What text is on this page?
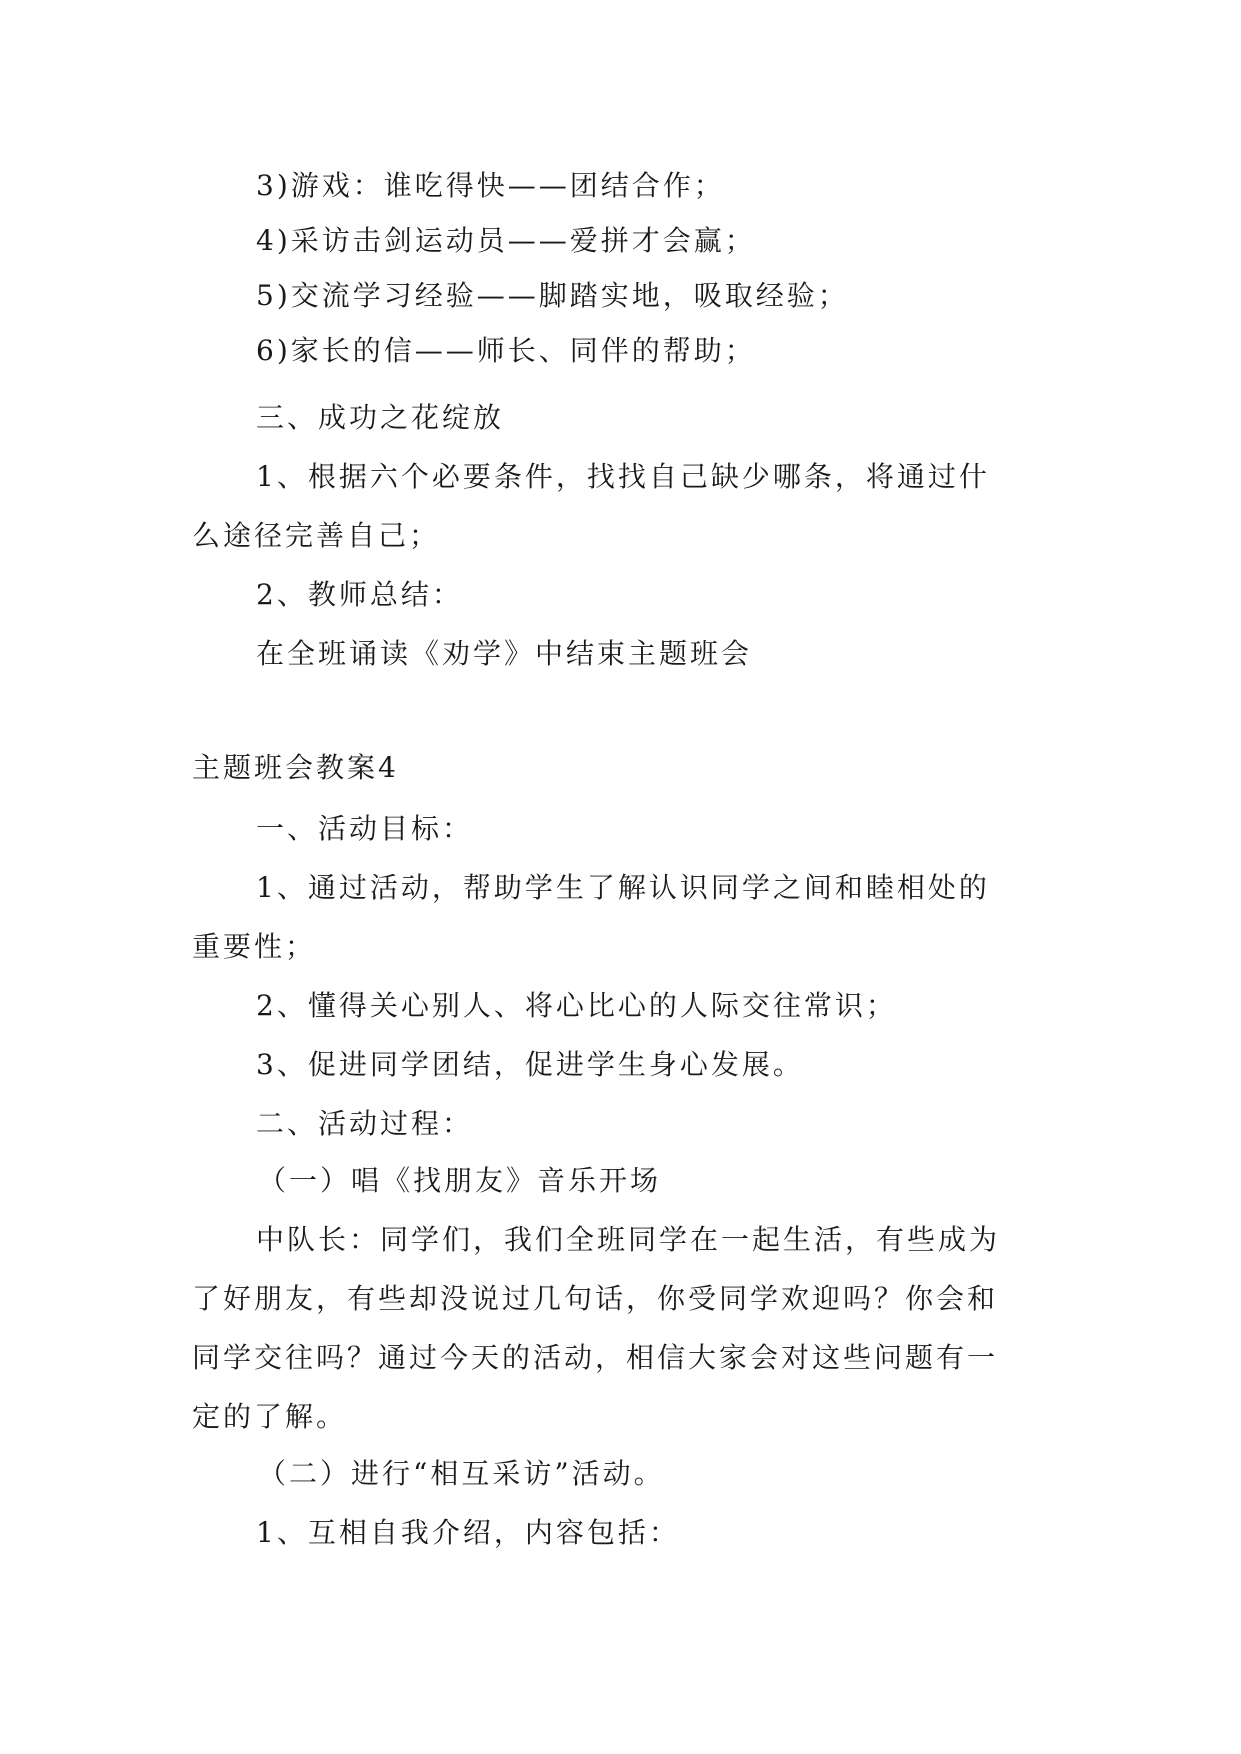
3)游戏：谁吃得快——团结合作；
4)采访击剑运动员——爱拼才会赢；
5)交流学习经验——脚踏实地，吸取经验；
6)家长的信——师长、同伴的帮助；
三、成功之花绽放
1、根据六个必要条件，找找自己缺少哪条，将通过什
么途径完善自己；
2、教师总结：
在全班诵读《劝学》中结束主题班会
主题班会教案4
一、活动目标：
1、通过活动，帮助学生了解认识同学之间和睦相处的
重要性；
2、懂得关心别人、将心比心的人际交往常识；
3、促进同学团结，促进学生身心发展。
二、活动过程：
（一）唱《找朋友》音乐开场
中队长：同学们，我们全班同学在一起生活，有些成为
了好朋友，有些却没说过几句话，你受同学欢迎吗？你会和
同学交往吗？通过今天的活动，相信大家会对这些问题有一
定的了解。
（二）进行“相互采访”活动。
1、互相自我介绍，内容包括：
